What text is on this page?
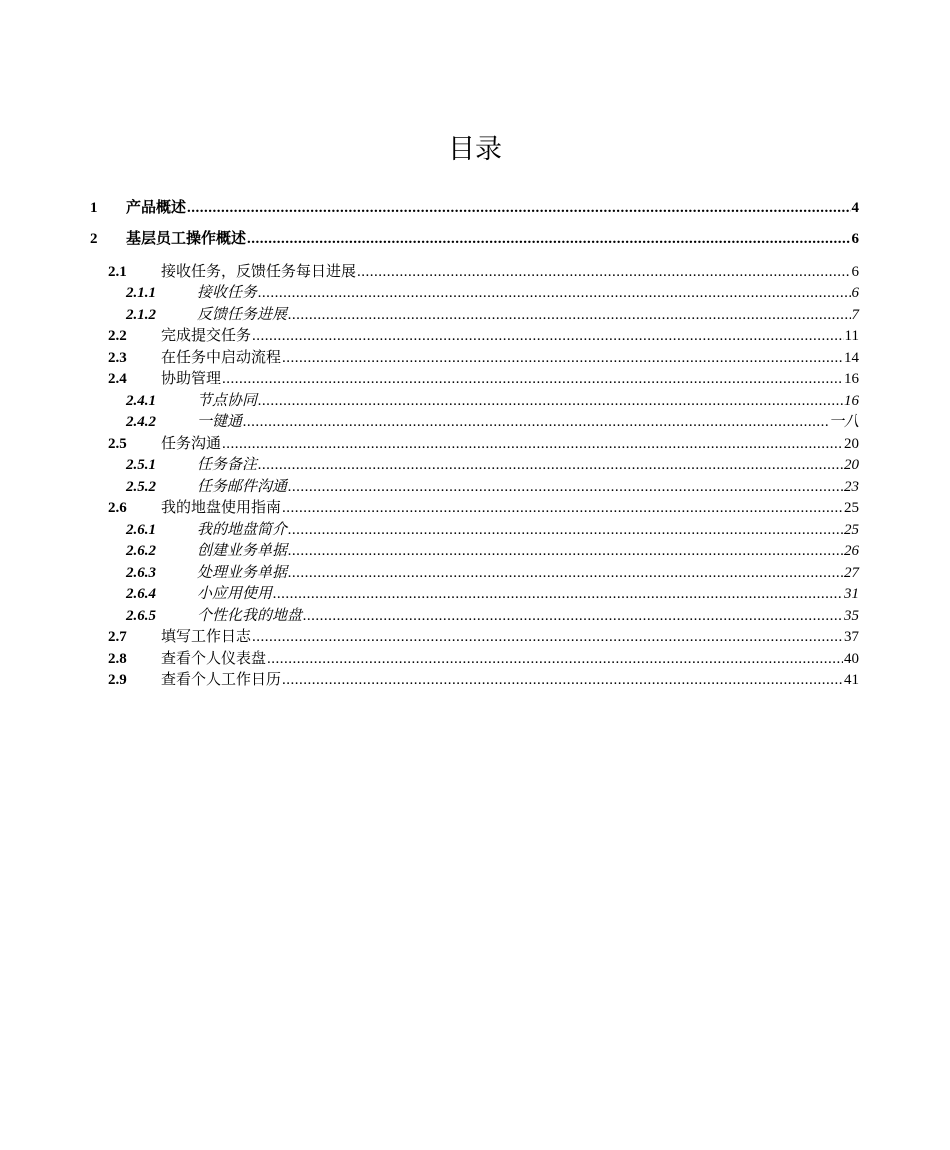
目录
1	产品概述 .....	4
2	基层员工操作概述 .....	6
2.1	接收任务，反馈任务每日进展 .....	6
2.1.1	接收任务 .....	6
2.1.2	反馈任务进展 .....	7
2.2	完成提交任务 .....	11
2.3	在任务中启动流程 .....	14
2.4	协助管理 .....	16
2.4.1	节点协同 .....	16
2.4.2	一键通 .....	一八
2.5	任务沟通 .....	20
2.5.1	任务备注 .....	20
2.5.2	任务邮件沟通 .....	23
2.6	我的地盘使用指南 .....	25
2.6.1	我的地盘简介 .....	25
2.6.2	创建业务单据 .....	26
2.6.3	处理业务单据 .....	27
2.6.4	小应用使用 .....	31
2.6.5	个性化我的地盘 .....	35
2.7	填写工作日志 .....	37
2.8	查看个人仪表盘 .....	40
2.9	查看个人工作日历 .....	41
